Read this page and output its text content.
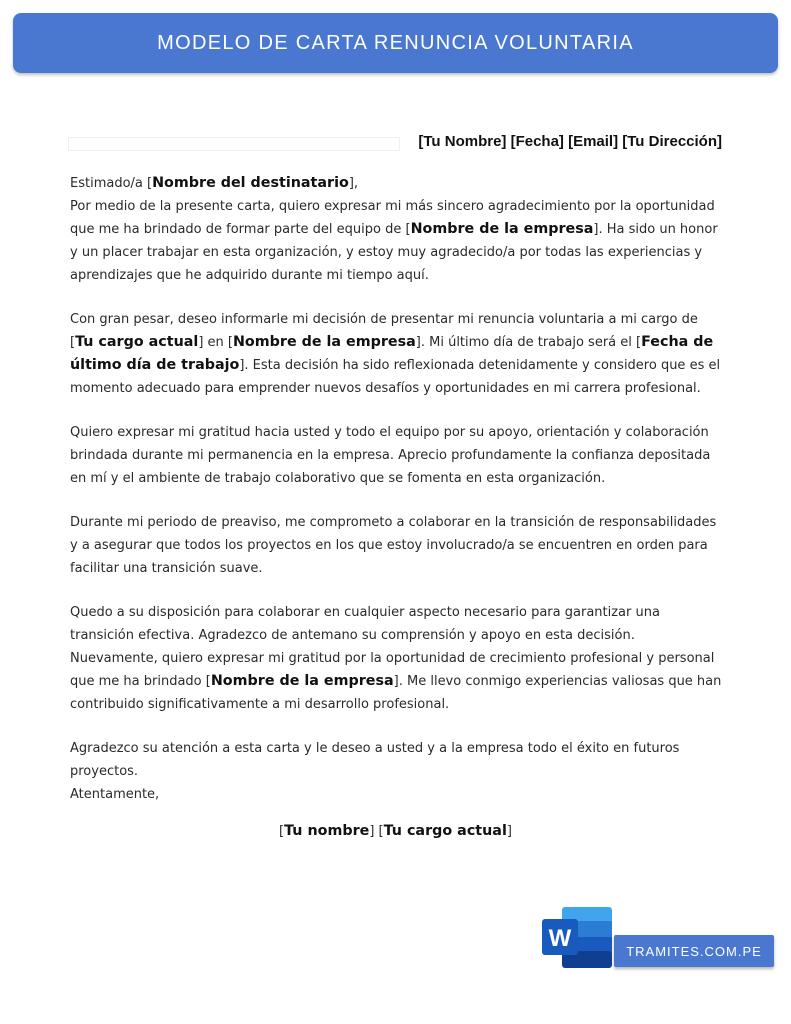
MODELO DE CARTA RENUNCIA VOLUNTARIA
[Tu Nombre] [Fecha] [Email] [Tu Dirección]

Estimado/a [Nombre del destinatario],

Por medio de la presente carta, quiero expresar mi más sincero agradecimiento por la oportunidad que me ha brindado de formar parte del equipo de [Nombre de la empresa]. Ha sido un honor y un placer trabajar en esta organización, y estoy muy agradecido/a por todas las experiencias y aprendizajes que he adquirido durante mi tiempo aquí.

Con gran pesar, deseo informarle mi decisión de presentar mi renuncia voluntaria a mi cargo de [Tu cargo actual] en [Nombre de la empresa]. Mi último día de trabajo será el [Fecha de último día de trabajo]. Esta decisión ha sido reflexionada detenidamente y considero que es el momento adecuado para emprender nuevos desafíos y oportunidades en mi carrera profesional.

Quiero expresar mi gratitud hacia usted y todo el equipo por su apoyo, orientación y colaboración brindada durante mi permanencia en la empresa. Aprecio profundamente la confianza depositada en mí y el ambiente de trabajo colaborativo que se fomenta en esta organización.

Durante mi periodo de preaviso, me comprometo a colaborar en la transición de responsabilidades y a asegurar que todos los proyectos en los que estoy involucrado/a se encuentren en orden para facilitar una transición suave.

Quedo a su disposición para colaborar en cualquier aspecto necesario para garantizar una transición efectiva. Agradezco de antemano su comprensión y apoyo en esta decisión.

Nuevamente, quiero expresar mi gratitud por la oportunidad de crecimiento profesional y personal que me ha brindado [Nombre de la empresa]. Me llevo conmigo experiencias valiosas que han contribuido significativamente a mi desarrollo profesional.

Agradezco su atención a esta carta y le deseo a usted y a la empresa todo el éxito en futuros proyectos.

Atentamente,

[Tu nombre] [Tu cargo actual]
W	TRAMITES.COM.PE
